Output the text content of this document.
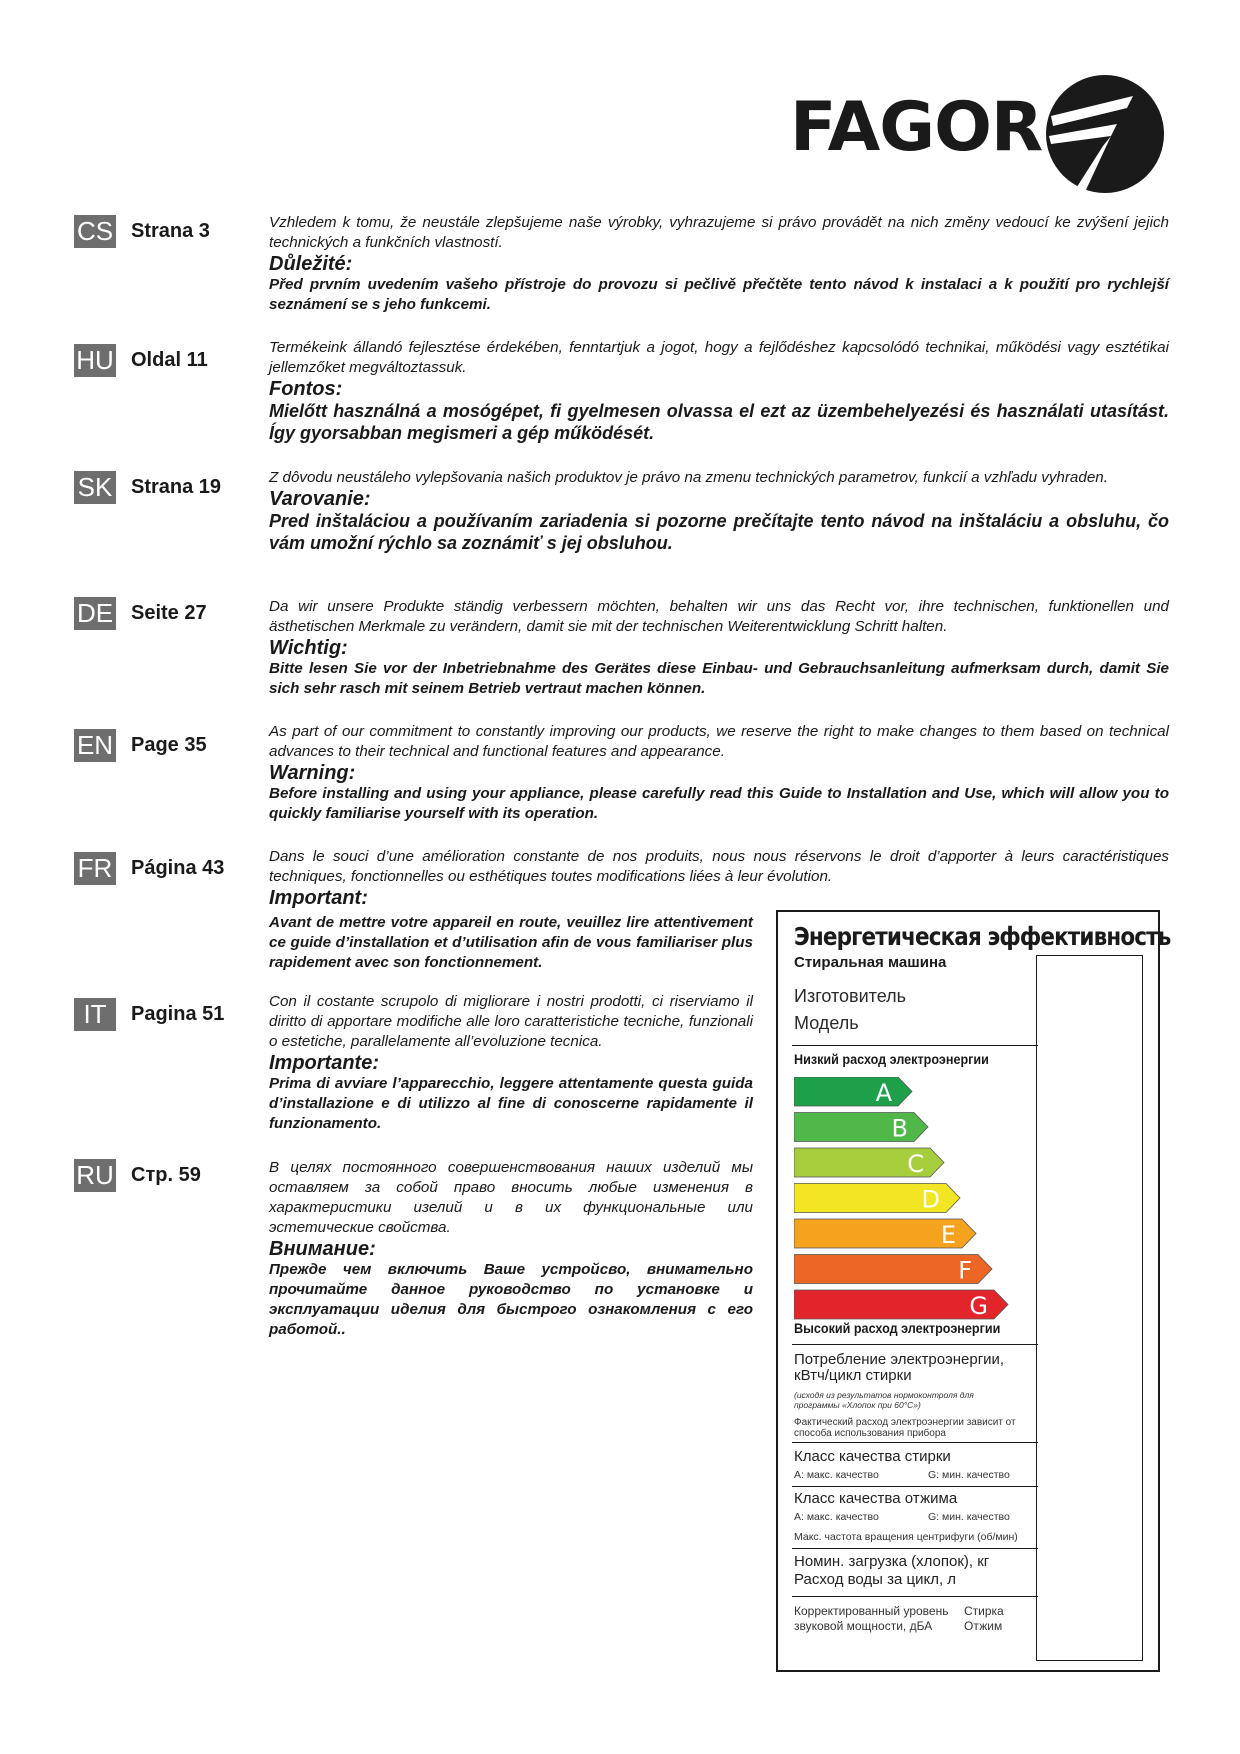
FAGOR
CS Strana 3	Vzhledem k tomu, že neustále zlepšujeme naše výrobky, vyhrazujeme si právo provádět na nich změny vedoucí ke zvýšení jejich technických a funkčních vlastností.

Důležité:

Před prvním uvedením vašeho přístroje do provozu si pečlivě přečtěte tento návod k instalaci a k použití pro rychlejší seznámení se s jeho funkcemi.

HU Oldal 11

Termékeink állandó fejlesztése érdekében, fenntartjuk a jogot, hogy a fejlődéshez kapcsolódó technikai, működési vagy esztétikai jellemzőket megváltoztassuk.

Fontos:

Mielőtt használná a mosógépet, fi gyelmesen olvassa el ezt az üzembehelyezési és használati utasítást. Így gyorsabban megismeri a gép működését.

SK Strana 19	Z dôvodu neustáleho vylepšovania našich produktov je právo na zmenu technických parametrov, funkcií a vzhľadu vyhraden.

Varovanie:

Pred inštaláciou a používaním zariadenia si pozorne prečítajte tento návod na inštaláciu a obsluhu, čo vám umožní rýchlo sa zoznámiť s jej obsluhou.

DE Seite 27	Da wir unsere Produkte ständig verbessern möchten, behalten wir uns das Recht vor, ihre technischen, funktionellen und ästhetischen Merkmale zu verändern, damit sie mit der technischen Weiterentwicklung Schritt halten.

Wichtig:

Bitte lesen Sie vor der Inbetriebnahme des Gerätes diese Einbau- und Gebrauchsanleitung aufmerksam durch, damit Sie sich sehr rasch mit seinem Betrieb vertraut machen können.

EN Page 35

As part of our commitment to constantly improving our products, we reserve the right to make changes to them based on technical advances to their technical and functional features and appearance.

Warning:

Before installing and using your appliance, please carefully read this Guide to Installation and Use, which will allow you to quickly familiarise yourself with its operation.

FR Página 43

Dans le souci d’une amélioration constante de nos produits, nous nous réservons le droit d’apporter à leurs caractéristiques techniques, fonctionnelles ou esthétiques toutes modifications liées à leur évolution.

Important:

Avant de mettre votre appareil en route, veuillez lire attentivement ce guide d’installation et d’utilisation afin de vous familiariser plus rapidement avec son fonctionnement.

IT	Pagina 51

Con il costante scrupolo di migliorare i nostri prodotti, ci riserviamo il diritto di apportare modifiche alle loro caratteristiche tecniche, funzionali o estetiche, parallelamente all’evoluzione tecnica.

Importante:

Prima di avviare l’apparecchio, leggere attentamente questa guida d’installazione e di utilizzo al fine di conoscerne rapidamente il funzionamento.

RU Стр. 59	В целях постоянного совершенствования наших изделий мы оставляем за собой право вносить любые изменения в характеристики изелий и в их функциональные или эстетические свойства.

Внимание:

Прежде чем включить Ваше устройсво, внимательно прочитайте данное руководство по установке и эксплуатации иделия для быстрого ознакомления с его работой..

Энергетическая эффективность
Стиральная машина
Изготовитель
Модель
Низкий расход электроэнергии
A
B
C
D
E
F
G
Высокий расход электроэнергии
Потребление электроэнергии, кВтч/цикл стирки
(исходя из результатов нормоконтроля для программы «Хлопок при 60°С»)
Фактический расход электроэнергии зависит от способа использования прибора
Класс качества стирки
А: макс. качество	G: мин. качество
Класс качества отжима
А: макс. качество	G: мин. качество
Макс. частота вращения центрифуги (об/мин)
Номин. загрузка (хлопок), кг
Расход воды за цикл, л
Корректированный уровень звуковой мощности, дБА
Стирка
Отжим
